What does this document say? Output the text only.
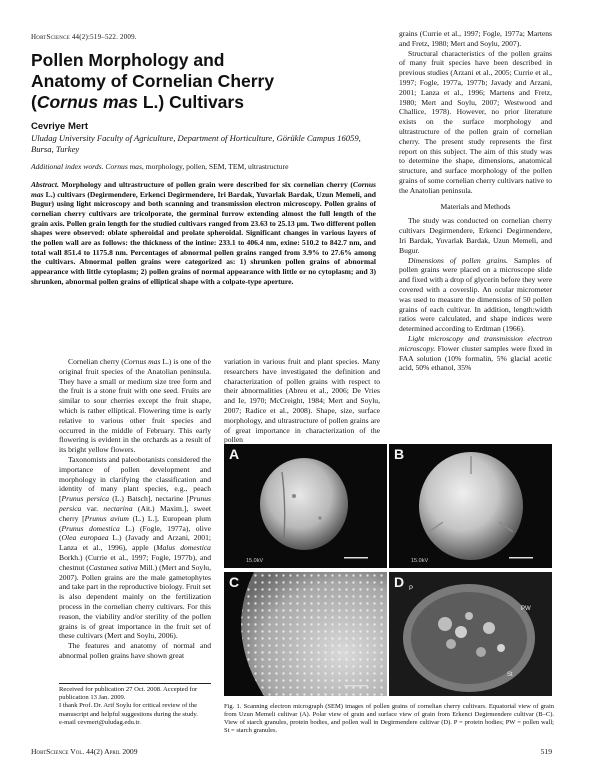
HortScience 44(2):519–522. 2009.
Pollen Morphology and
Anatomy of Cornelian Cherry
(Cornus mas L.) Cultivars
Cevriye Mert
Uludag University Faculty of Agriculture, Department of Horticulture, Görükle Campus 16059, Bursa, Turkey
Additional index words. Cornus mas, morphology, pollen, SEM, TEM, ultrastructure
Abstract. Morphology and ultrastructure of pollen grain were described for six cornelian cherry (Cornus mas L.) cultivars (Degirmendere, Erkenci Degirmendere, Iri Bardak, Yuvarlak Bardak, Uzun Memeli, and Bugur) using light microscopy and both scanning and transmission electron microscopy. Pollen grains of cornelian cherry cultivars are tricolporate, the germinal furrow extending almost the full length of the grain axis. Pollen grain length for the studied cultivars ranged from 23.63 to 25.13 μm. Two different pollen shapes were observed: oblate spheroidal and prolate spheroidal. Significant changes in various layers of the pollen wall are as follows: the thickness of the intine: 233.1 to 406.4 nm, exine: 510.2 to 842.7 nm, and total wall 851.4 to 1175.8 nm. Percentages of abnormal pollen grains ranged from 3.9% to 27.6% among the cultivars. Abnormal pollen grains were categorized as: 1) shrunken pollen grains of abnormal appearance with little cytoplasm; 2) pollen grains of normal appearance with little or no cytoplasm; and 3) shrunken, abnormal pollen grains of elliptical shape with a colpate-type aperture.

Cornelian cherry (Cornus mas L.) is one of the original fruit species of the Anatolian peninsula. They have a small or medium size tree form and the fruit is a stone fruit with one seed. Fruits are similar to sour cherries except the fruit shape, which is rather elliptical. Flowering time is early relative to various other fruit species and occurred in the middle of February. This early flowering is evident in the orchards as a result of its bright yellow flowers.

Taxonomists and paleobotanists considered the importance of pollen development and morphology in clarifying the classification and identity of many plant species, e.g., peach [Prunus persica (L.) Batsch], nectarine [Prunus persica var. nectarina (Ait.) Maxim.], sweet cherry [Prunus avium (L.) L.], European plum (Prunus domestica L.) (Fogle, 1977a), olive (Olea europaea L.) (Javady and Arzani, 2001; Lanza et al., 1996), apple (Malus domestica Borkh.) (Currie et al., 1997; Fogle, 1977b), and chestnut (Castanea sativa Mill.) (Mert and Soylu, 2007). Pollen grains are the male gametophytes and take part in the reproductive biology. Fruit set is also dependent mainly on the fertilization process in the cornelian cherry cultivars. For this reason, the viability and/or sterility of the pollen grains is of great importance in the fruit set of these cultivars (Mert and Soylu, 2006).

The features and anatomy of normal and abnormal pollen grains have shown great

Received for publication 27 Oct. 2008. Accepted for publication 13 Jan. 2009.

I thank Prof. Dr. Arif Soylu for critical review of the manuscript and helpful suggestions during the study.

e-mail cevmert@uludag.edu.tr.

variation in various fruit and plant species. Many researchers have investigated the definition and characterization of pollen grains with respect to their abnormalities (Abreu et al., 2006; De Vries and Ie, 1970; McCreight, 1984; Mert and Soylu, 2007; Radice et al., 2008). Shape, size, surface morphology, and ultrastructure of pollen grains are of great importance in characterization of the pollen

grains (Currie et al., 1997; Fogle, 1977a; Martens and Fretz, 1980; Mert and Soylu, 2007).

Structural characteristics of the pollen grains of many fruit species have been described in previous studies (Arzani et al., 2005; Currie et al., 1997; Fogle, 1977a, 1977b; Javady and Arzani, 2001; Lanza et al., 1996; Martens and Fretz, 1980; Mert and Soylu, 2007; Westwood and Challice, 1978). However, no prior literature exists on the surface morphology and ultrastructure of the pollen grain of cornelian cherry. The present study represents the first report on this subject. The aim of this study was to determine the shape, dimensions, anatomical structure, and surface morphology of the pollen grains of some cornelian cherry cultivars native to the Anatolian peninsula.

Materials and Methods

The study was conducted on cornelian cherry cultivars Degirmendere, Erkenci Degirmendere, Iri Bardak, Yuvarlak Bardak, Uzun Memeli, and Bugur.

Dimensions of pollen grains. Samples of pollen grains were placed on a microscope slide and fixed with a drop of glycerin before they were covered with a coverslip. An ocular micrometer was used to measure the dimensions of 50 pollen grains of each cultivar. In addition, length:width ratios were calculated, and shape indices were determined according to Erdtman (1966).

Light microscopy and transmission electron microscopy. Flower cluster samples were fixed in FAA solution (10% formalin, 5% glacial acetic acid, 50% ethanol, 35%

15.0kV
A
15.0kV
B
C	P
PW
St
D

Fig. 1. Scanning electron micrograph (SEM) images of pollen grains of cornelian cherry cultivars. Equatorial view of grain from Uzun Memeli cultivar (A). Polar view of grain and surface view of grain from Erkenci Degirmendere cultivar (B–C). View of starch granules, protein bodies, and pollen wall in Degirmendere cultivar (D). P = protein bodies; PW = pollen wall; St = starch granules.

HortScience Vol. 44(2) April 2009	519
